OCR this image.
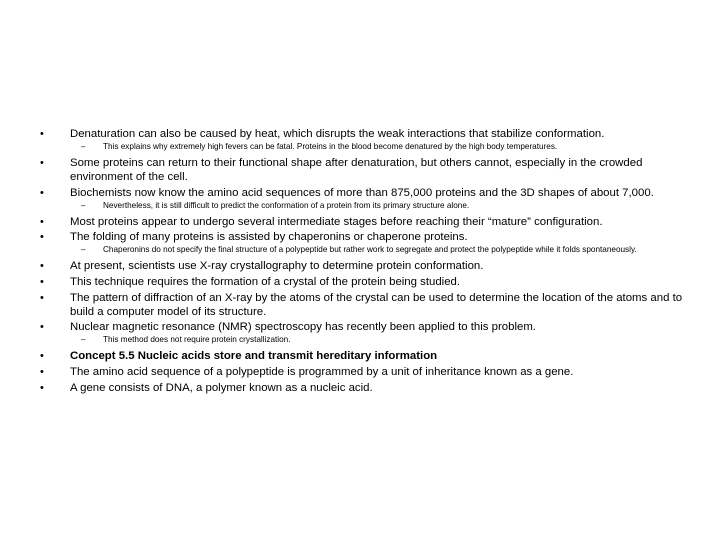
•	Denaturation can also be caused by heat, which disrupts the weak interactions that stabilize conformation.
– This explains why extremely high fevers can be fatal. Proteins in the blood become denatured by the high body temperatures.
•	Some proteins can return to their functional shape after denaturation, but others cannot, especially in the crowded environment of the cell.
•	Biochemists now know the amino acid sequences of more than 875,000 proteins and the 3D shapes of about 7,000.
– Nevertheless, it is still difficult to predict the conformation of a protein from its primary structure alone.
•	Most proteins appear to undergo several intermediate stages before reaching their “mature” configuration.
•	The folding of many proteins is assisted by chaperonins or chaperone proteins.
– Chaperonins do not specify the final structure of a polypeptide but rather work to segregate and protect the polypeptide while it folds spontaneously.
•	At present, scientists use X-ray crystallography to determine protein conformation.
•	This technique requires the formation of a crystal of the protein being studied.
•	The pattern of diffraction of an X-ray by the atoms of the crystal can be used to determine the location of the atoms and to build a computer model of its structure.
•	Nuclear magnetic resonance (NMR) spectroscopy has recently been applied to this problem.
– This method does not require protein crystallization.
•	Concept 5.5 Nucleic acids store and transmit hereditary information
•	The amino acid sequence of a polypeptide is programmed by a unit of inheritance known as a gene.
•	A gene consists of DNA, a polymer known as a nucleic acid.
